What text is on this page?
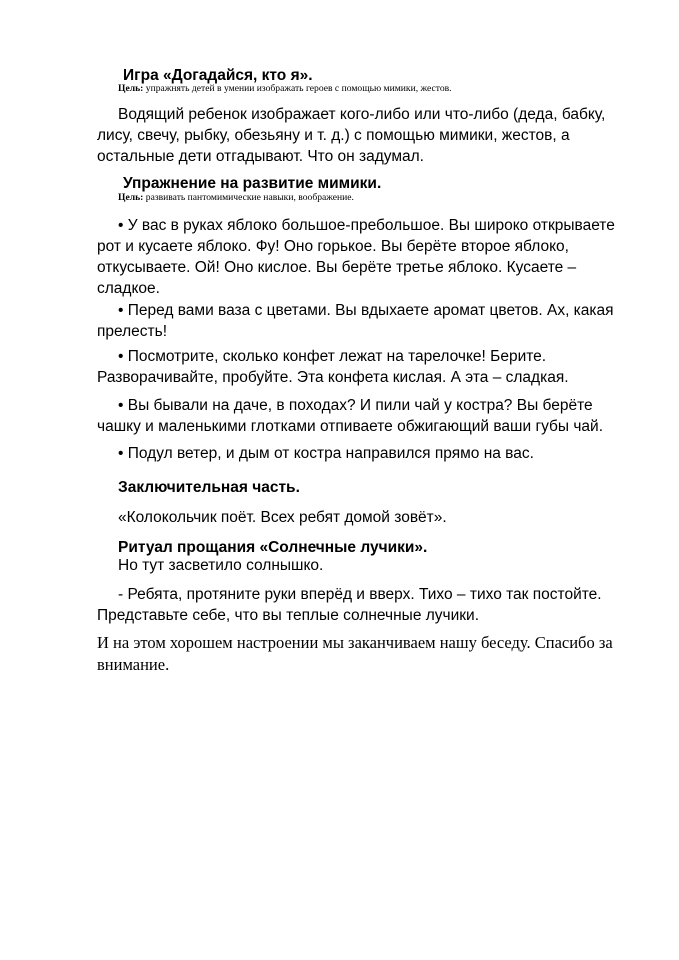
Игра «Догадайся, кто я».

Цель: упражнять детей в умении изображать героев с помощью мимики, жестов.

Водящий ребенок изображает кого-либо или что-либо (деда, бабку, лису, свечу, рыбку, обезьяну и т. д.) с помощью мимики, жестов, а остальные дети отгадывают. Что он задумал.

Упражнение на развитие мимики.

Цель: развивать пантомимические навыки, воображение.

• У вас в руках яблоко большое-пребольшое. Вы широко открываете рот и кусаете яблоко. Фу! Оно горькое. Вы берёте второе яблоко, откусываете. Ой! Оно кислое. Вы берёте третье яблоко. Кусаете – сладкое.

• Перед вами ваза с цветами. Вы вдыхаете аромат цветов. Ах, какая прелесть!

• Посмотрите, сколько конфет лежат на тарелочке! Берите. Разворачивайте, пробуйте. Эта конфета кислая. А эта – сладкая.

• Вы бывали на даче, в походах? И пили чай у костра? Вы берёте чашку и маленькими глотками отпиваете обжигающий ваши губы чай.

• Подул ветер, и дым от костра направился прямо на вас.

Заключительная часть.

«Колокольчик поёт. Всех ребят домой зовёт».

Ритуал прощания «Солнечные лучики».

Но тут засветило солнышко.

- Ребята, протяните руки вперёд и вверх. Тихо – тихо так постойте. Представьте себе, что вы теплые солнечные лучики.

И на этом хорошем настроении мы заканчиваем нашу беседу. Спасибо за внимание.
